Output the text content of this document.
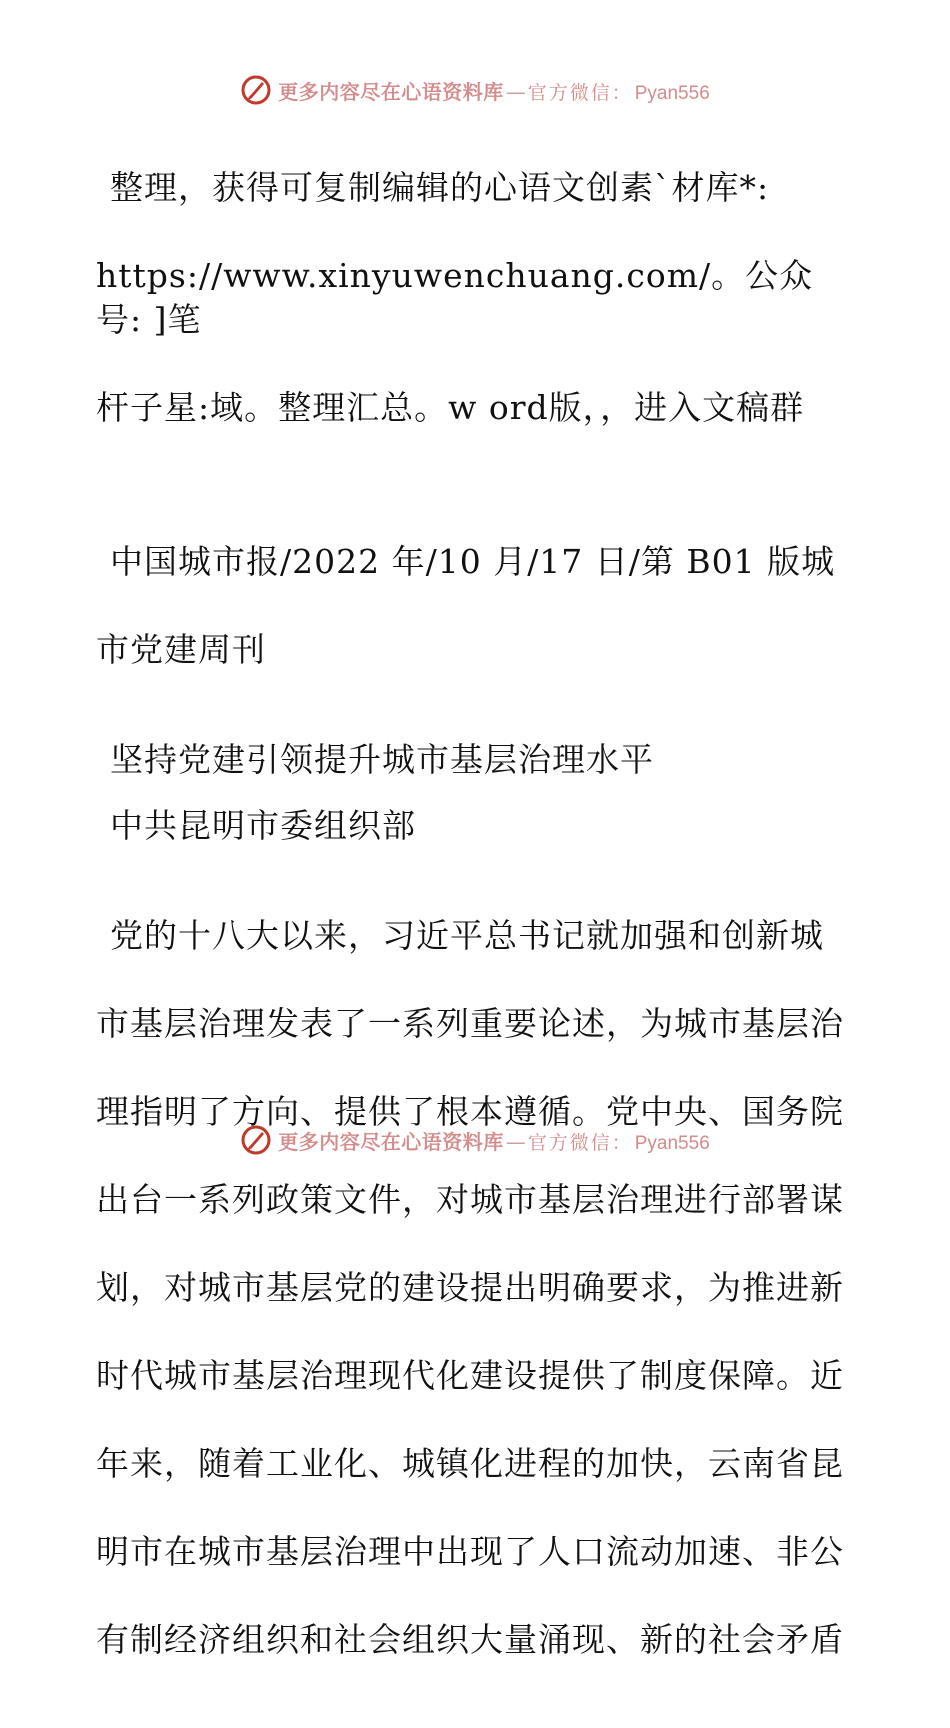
更多内容尽在心语资料库 — 官方微信： Pyan556

整理，获得可复制编辑的心语文创素`材库*:

https://www.xinyuwenchuang.com/。公众号: ]笔

杆子星:域。整理汇总。w ord版，，进入文稿群

中国城市报/2022 年/10 月/17 日/第 B01 版城

市党建周刊

坚持党建引领提升城市基层治理水平
中共昆明市委组织部

党的十八大以来，习近平总书记就加强和创新城

市基层治理发表了一系列重要论述，为城市基层治

理指明了方向、提供了根本遵循。党中央、国务院

出台一系列政策文件，对城市基层治理进行部署谋

划，对城市基层党的建设提出明确要求，为推进新

时代城市基层治理现代化建设提供了制度保障。近

年来，随着工业化、城镇化进程的加快，云南省昆

明市在城市基层治理中出现了人口流动加速、非公

有制经济组织和社会组织大量涌现、新的社会矛盾

更多内容尽在心语资料库 — 官方微信： Pyan556
